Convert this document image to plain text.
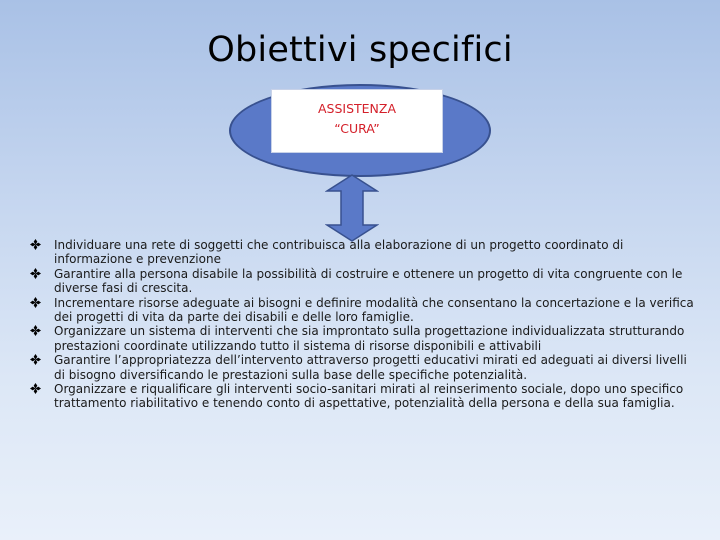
Obiettivi specifici
ASSISTENZA
“CURA”
Individuare una rete di soggetti che contribuisca alla elaborazione di un progetto coordinato di informazione e prevenzione
Garantire alla persona disabile la possibilità di costruire e ottenere un progetto di vita congruente con le diverse fasi di crescita.
Incrementare risorse adeguate ai bisogni e definire modalità che consentano la concertazione e la verifica dei progetti di vita da parte dei disabili e delle loro famiglie.
Organizzare un sistema di interventi che sia improntato sulla progettazione individualizzata strutturando prestazioni coordinate utilizzando tutto il sistema di risorse disponibili e attivabili
Garantire l’appropriatezza dell’intervento attraverso progetti educativi mirati ed adeguati ai diversi livelli di bisogno diversificando le prestazioni sulla base delle specifiche potenzialità.
Organizzare e riqualificare gli interventi socio-sanitari mirati al reinserimento sociale, dopo uno specifico trattamento riabilitativo e tenendo conto di aspettative, potenzialità della persona e della sua famiglia.
